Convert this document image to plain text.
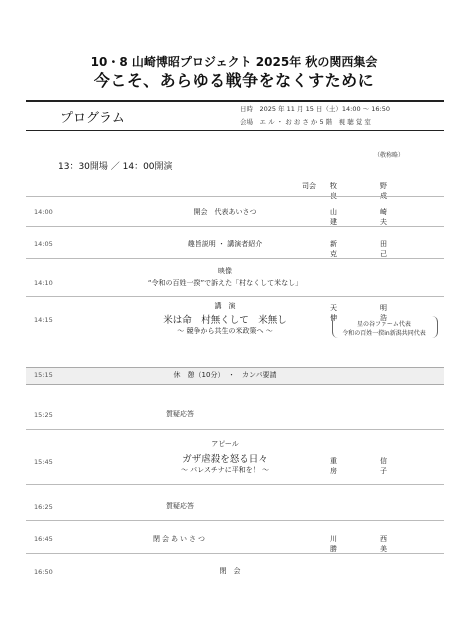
10・8 山崎博昭プロジェクト 2025年 秋の関西集会
今こそ、あらゆる戦争をなくすために
プログラム
日時　2025 年 11 月 15 日（土）14:00 〜 16:50
会場　エ ル ・ お お さ か 5 階　視 聴 覚 室
（敬称略）
13：30開場 ／ 14：00開演
司会 牧　野　良　成
14:00	開会　代表あいさつ	山　崎　建　夫
14:05	趣旨説明 ・ 講演者紹介	新　田　克　己
映像
14:10	“令和の百姓一揆”で訴えた「村なくして米なし」
講　演
14:15	米は命　村無くして　米無し
〜 競争から共生の米政策へ 〜
天　明　伸　浩
星の谷ファーム代表
令和の百姓一揆in新潟共同代表
15:15	休　憩（10分）　・　カンパ要請
15:25	質疑応答
アピール
15:45	ガザ虐殺を怒る日々
〜 パレスチナに平和を！ 〜
重　信　房　子
16:25	質疑応答
16:45	閉会あいさつ	川　西　勝　美
16:50	閉　会
